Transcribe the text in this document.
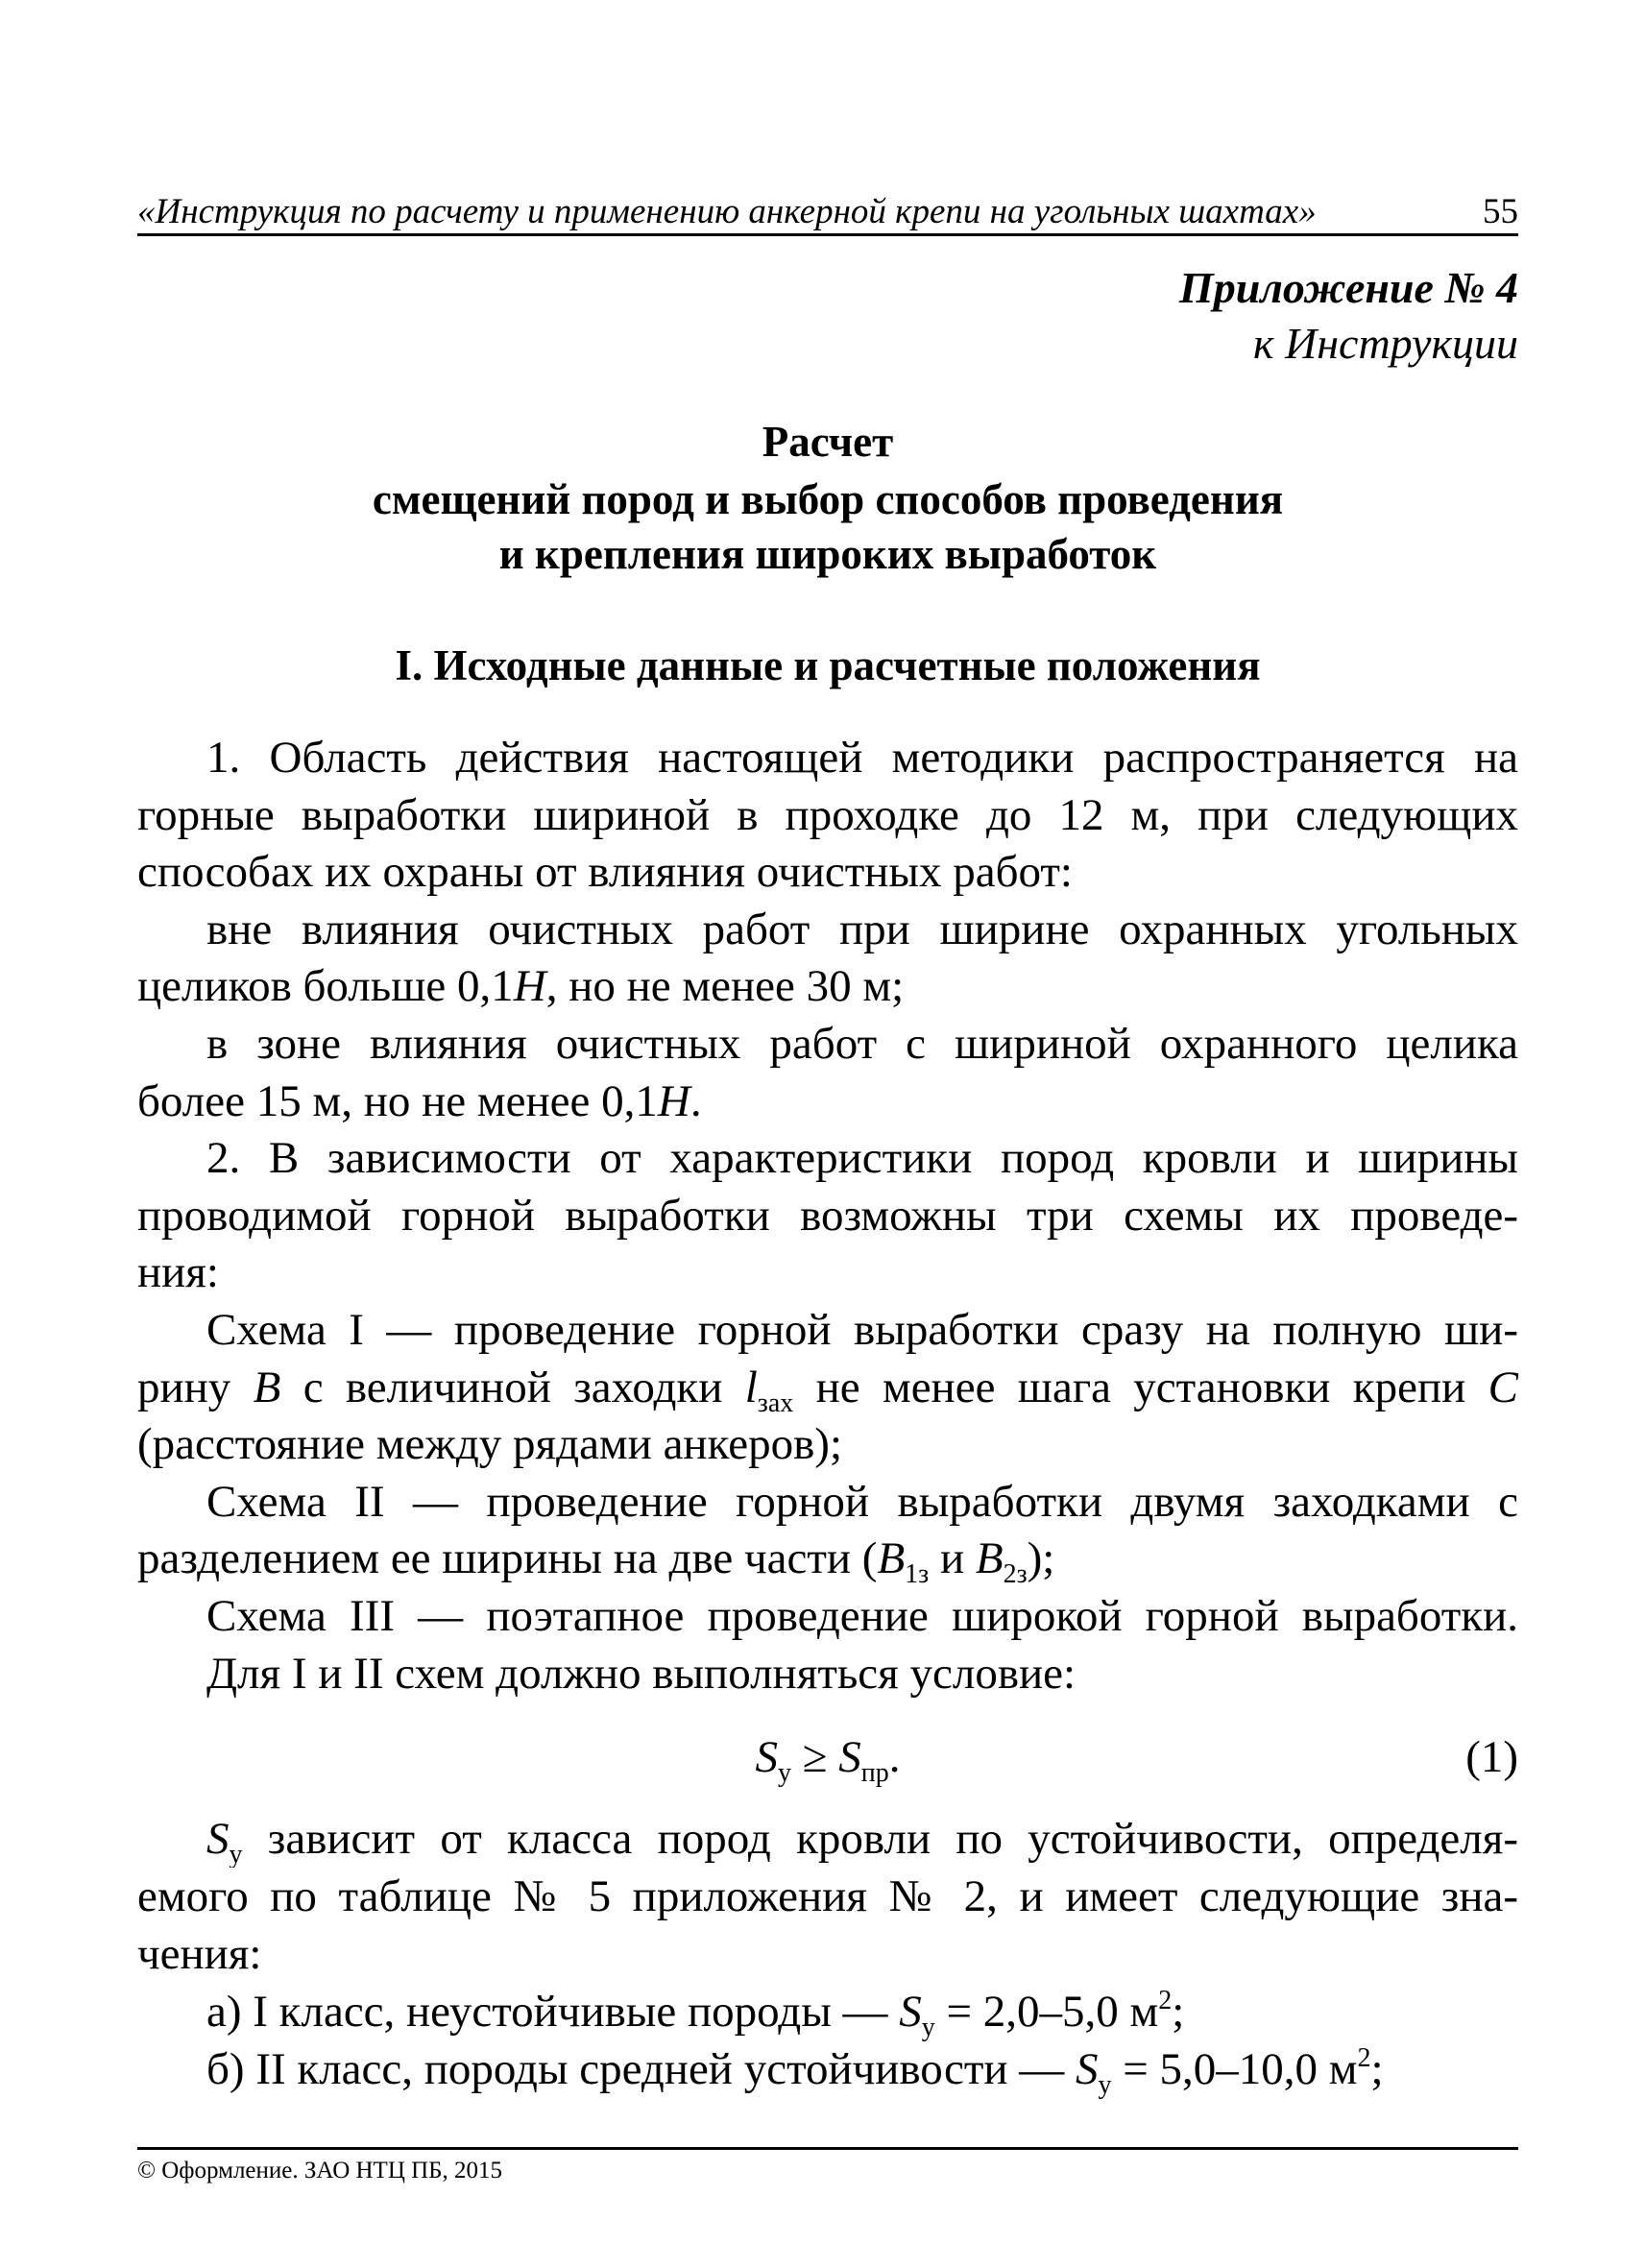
«Инструкция по расчету и применению анкерной крепи на угольных шахтах»	55
Приложение № 4
к Инструкции
Расчет
смещений пород и выбор способов проведения
и крепления широких выработок
I. Исходные данные и расчетные положения
1. Область действия настоящей методики распространяется на
горные выработки шириной в проходке до 12 м, при следующих
способах их охраны от влияния очистных работ:
вне влияния очистных работ при ширине охранных угольных
целиков больше 0,1H, но не менее 30 м;
в зоне влияния очистных работ с шириной охранного целика
более 15 м, но не менее 0,1H.
2. В зависимости от характеристики пород кровли и ширины
проводимой горной выработки возможны три схемы их проведе-
ния:
Схема I — проведение горной выработки сразу на полную ши-
рину B с величиной заходки $l_{зах}$ не менее шага установки крепи C
(расстояние между рядами анкеров);
Схема II — проведение горной выработки двумя заходками с
разделением ее ширины на две части ($B_{1з}$ и $B_{2з}$);
Схема III — поэтапное проведение широкой горной выработки.
Для I и II схем должно выполняться условие:
$S_у$ зависит от класса пород кровли по устойчивости, определя-
емого по таблице № 5 приложения № 2, и имеет следующие зна-
чения:
а) I класс, неустойчивые породы — $S_у = 2,0-5,0$ $м^2$;
б) II класс, породы средней устойчивости — $S_у = 5,0-10,0$ $м^2$;
$S_у \ge S_{пр}$.	(1)
© Оформление. ЗАО НТЦ ПБ, 2015
